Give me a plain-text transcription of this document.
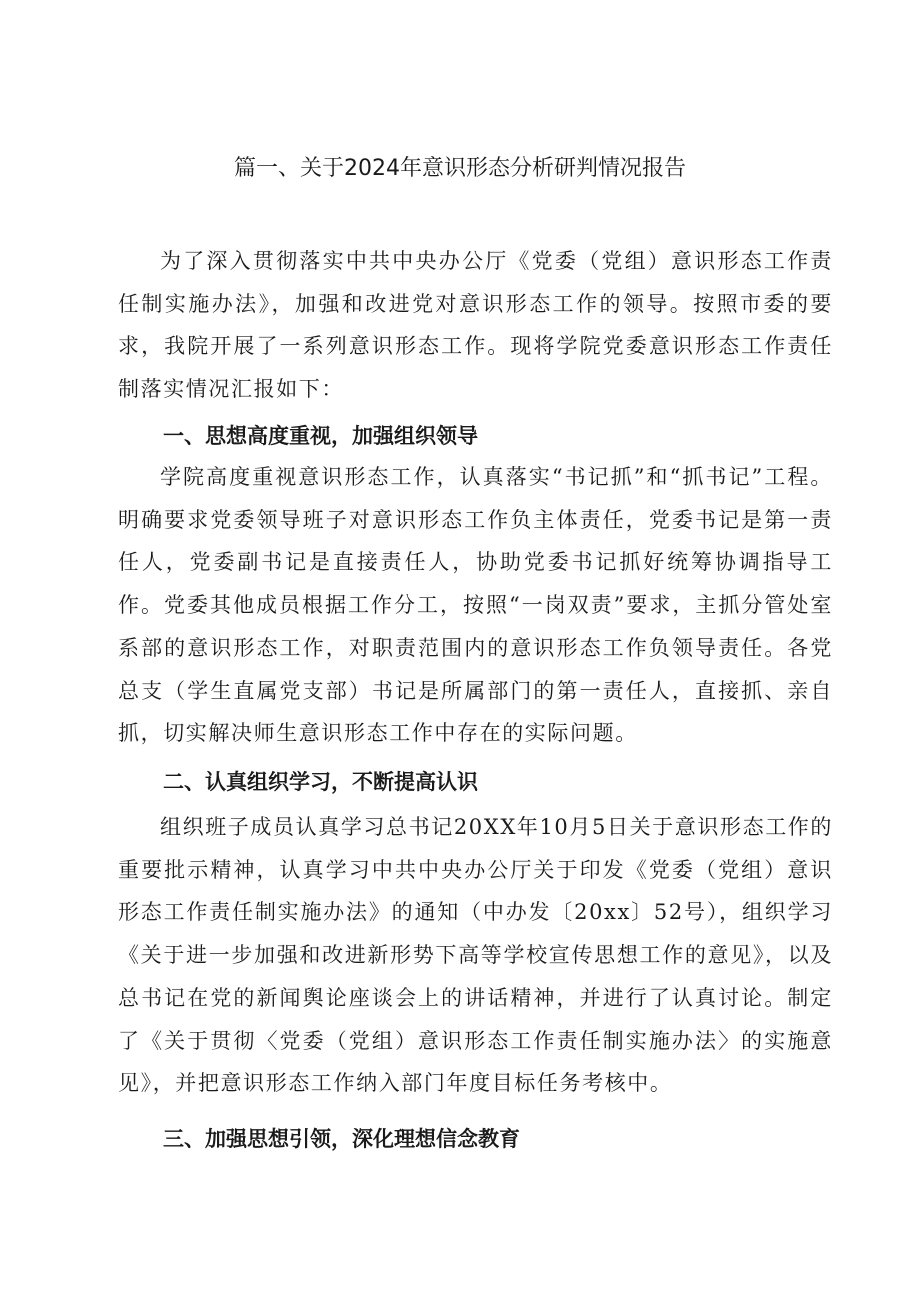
篇一、关于2024年意识形态分析研判情况报告

为了深入贯彻落实中共中央办公厅《党委（党组）意识形态工作责任制实施办法》，加强和改进党对意识形态工作的领导。按照市委的要求，我院开展了一系列意识形态工作。现将学院党委意识形态工作责任制落实情况汇报如下：

一、思想高度重视，加强组织领导

学院高度重视意识形态工作，认真落实“书记抓”和“抓书记”工程。明确要求党委领导班子对意识形态工作负主体责任，党委书记是第一责任人，党委副书记是直接责任人，协助党委书记抓好统筹协调指导工作。党委其他成员根据工作分工，按照“一岗双责”要求，主抓分管处室系部的意识形态工作，对职责范围内的意识形态工作负领导责任。各党总支（学生直属党支部）书记是所属部门的第一责任人，直接抓、亲自抓，切实解决师生意识形态工作中存在的实际问题。

二、认真组织学习，不断提高认识

组织班子成员认真学习总书记20XX年10月5日关于意识形态工作的重要批示精神，认真学习中共中央办公厅关于印发《党委（党组）意识形态工作责任制实施办法》的通知（中办发〔20xx〕52号），组织学习《关于进一步加强和改进新形势下高等学校宣传思想工作的意见》，以及总书记在党的新闻舆论座谈会上的讲话精神，并进行了认真讨论。制定了《关于贯彻〈党委（党组）意识形态工作责任制实施办法〉的实施意见》，并把意识形态工作纳入部门年度目标任务考核中。

三、加强思想引领，深化理想信念教育
